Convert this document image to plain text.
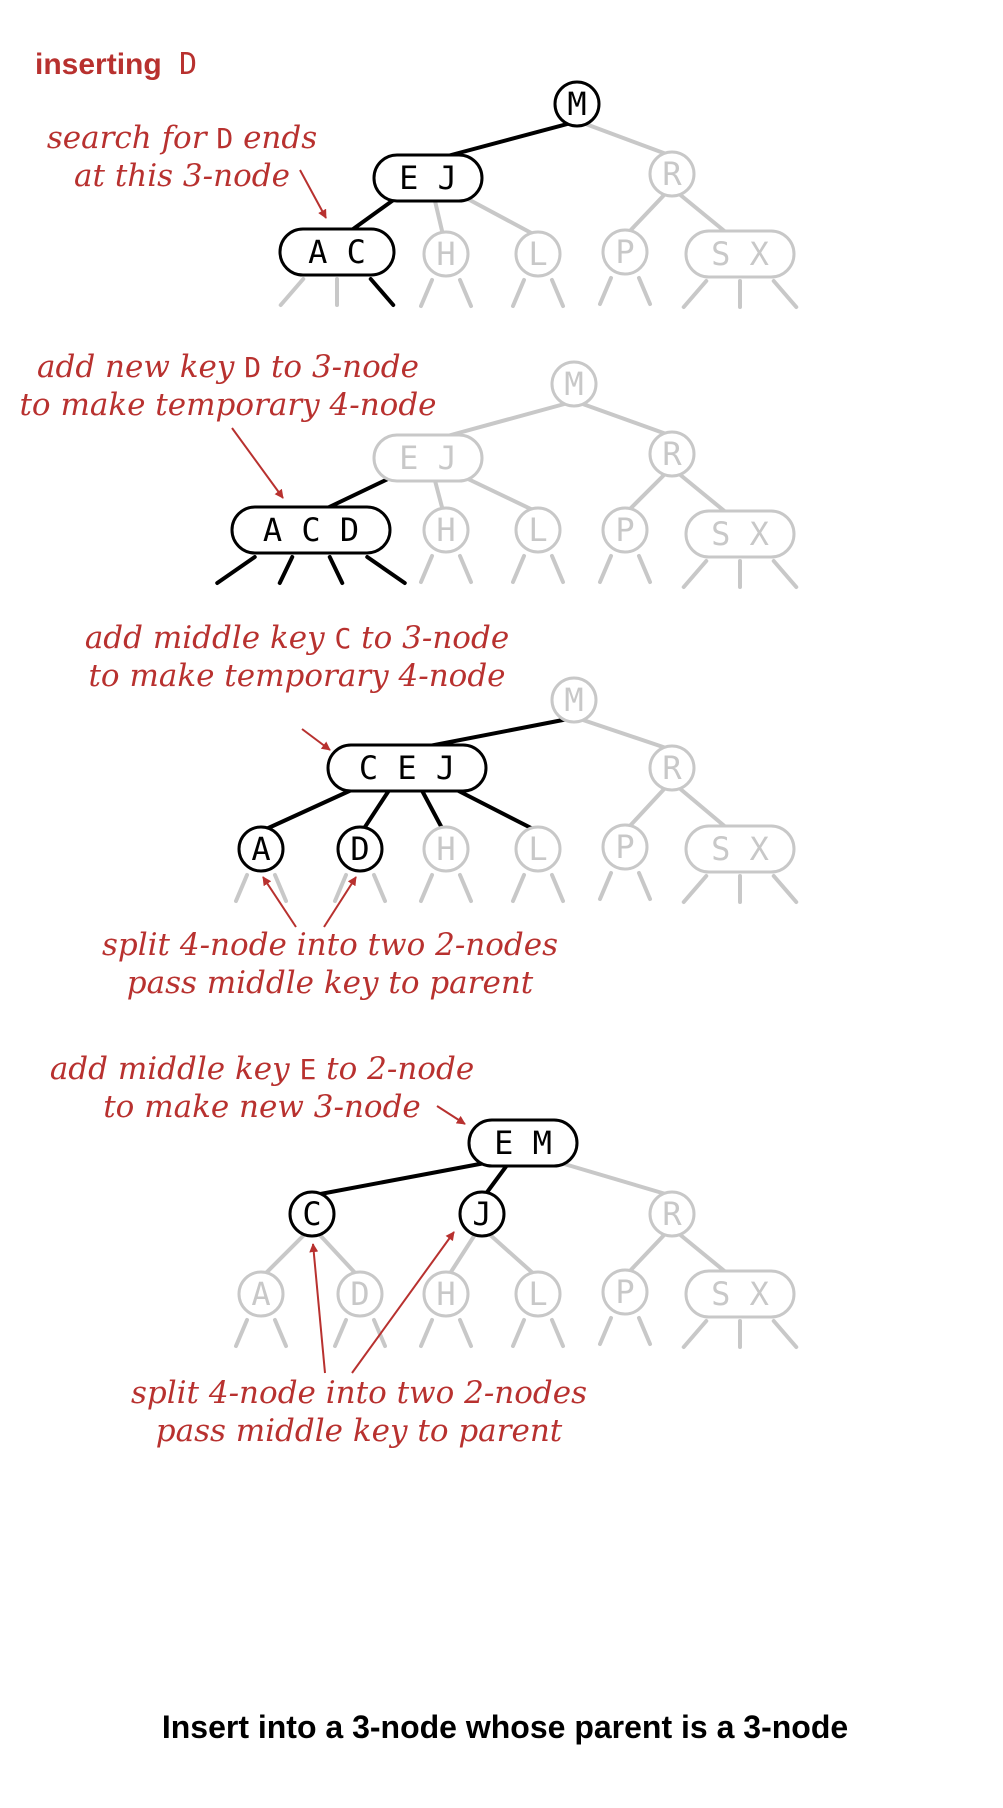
inserting D
M
E J	R
A C H L P S X
M
E J	R
A C D H L P S X
M
C E J	R
A D H L P S X
E M
C	J	R
A D H L P S X
search for D ends
at this 3-node
add new key D to 3-node
to make temporary 4-node
add middle key C to 3-node
to make temporary 4-node
split 4-node into two 2-nodes
pass middle key to parent
add middle key E to 2-node
to make new 3-node
split 4-node into two 2-nodes
pass middle key to parent
Insert into a 3-node whose parent is a 3-node
